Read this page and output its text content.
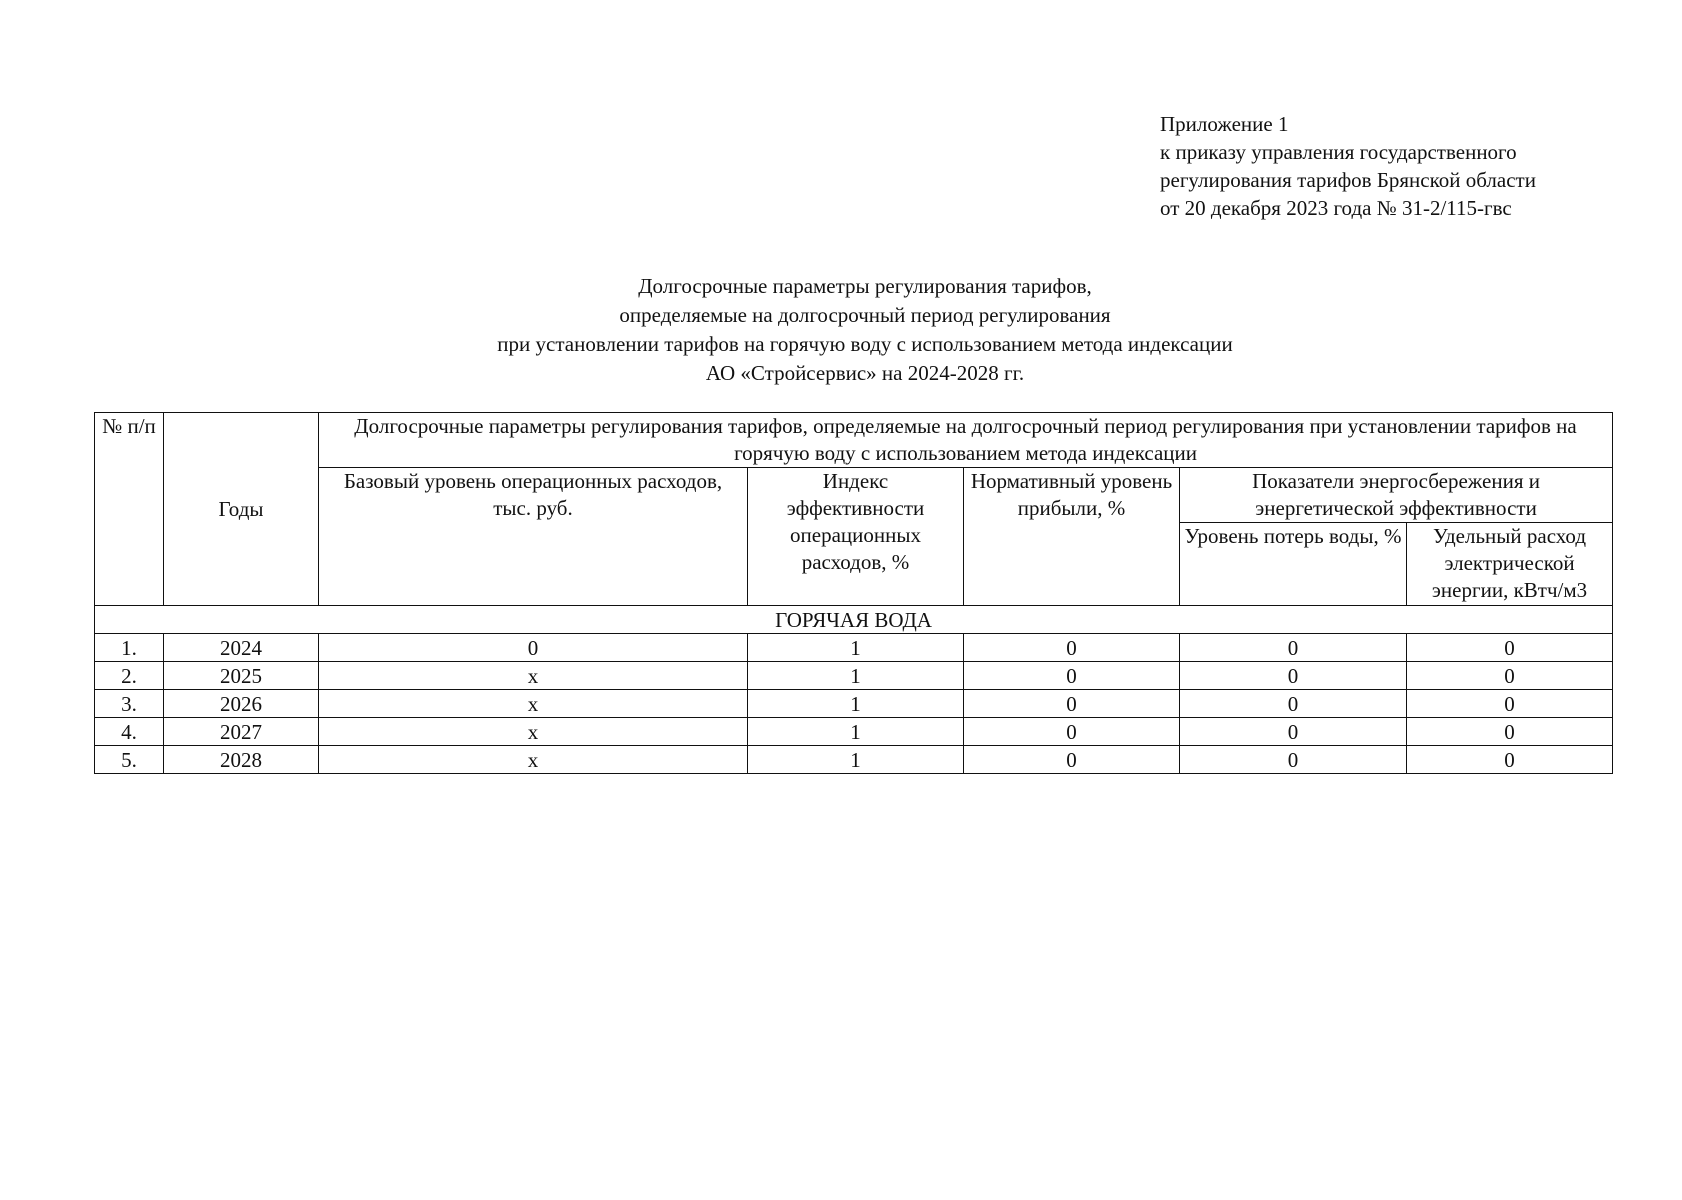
Приложение 1
к приказу управления государственного
регулирования тарифов Брянской области
от 20 декабря 2023 года № 31-2/115-гвс
Долгосрочные параметры регулирования тарифов,
определяемые на долгосрочный период регулирования
при установлении тарифов на горячую воду с использованием метода индексации
АО «Стройсервис» на 2024-2028 гг.
№ п/п	Годы	Долгосрочные параметры регулирования тарифов, определяемые на долгосрочный период регулирования при установлении тарифов на горячую воду с использованием метода индексации				
		Базовый уровень операционных расходов, тыс. руб.	Индекс эффективности операционных расходов, %	Нормативный уровень прибыли, %	Показатели энергосбережения и энергетической эффективности	
					Уровень потерь воды, %	Удельный расход электрической энергии, кВтч/м3
ГОРЯЧАЯ ВОДА						
1.	2024	0	1	0	0	0
2.	2025	x	1	0	0	0
3.	2026	x	1	0	0	0
4.	2027	x	1	0	0	0
5.	2028	x	1	0	0	0
